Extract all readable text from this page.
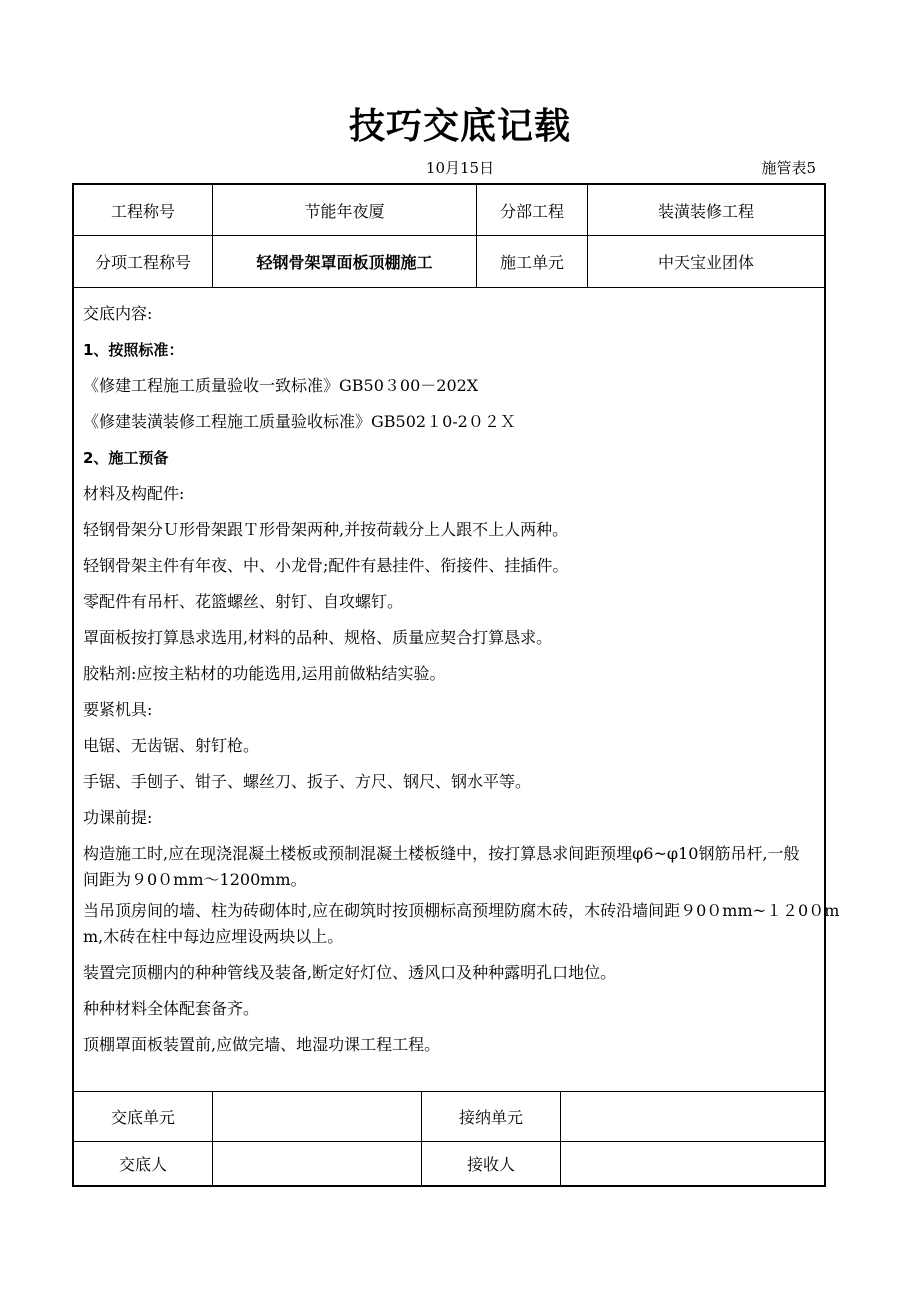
技巧交底记载
10月15日	施管表5
工程称号	节能年夜厦	分部工程	装潢装修工程
分项工程称号	轻钢骨架罩面板顶棚施工	施工单元	中天宝业团体
交底内容:
1、按照标准：
《修建工程施工质量验收一致标准》GB50３00－202X
《修建装潢装修工程施工质量验收标准》GB502１0-2０２Ｘ
2、施工预备
材料及构配件:
轻钢骨架分Ｕ形骨架跟Ｔ形骨架两种,并按荷载分上人跟不上人两种。
轻钢骨架主件有年夜、中、小龙骨;配件有悬挂件、衔接件、挂插件。
零配件有吊杆、花篮螺丝、射钉、自攻螺钉。
罩面板按打算恳求选用,材料的品种、规格、质量应契合打算恳求。
胶粘剂:应按主粘材的功能选用,运用前做粘结实验。
要紧机具:
电锯、无齿锯、射钉枪。
手锯、手刨子、钳子、螺丝刀、扳子、方尺、钢尺、钢水平等。
功课前提:
构造施工时,应在现浇混凝土楼板或预制混凝土楼板缝中，按打算恳求间距预埋φ6~φ10钢筋吊杆,一般
间距为９0０mm～1200mm。
当吊顶房间的墙、柱为砖砌体时,应在砌筑时按顶棚标高预埋防腐木砖，木砖沿墙间距９0０mm~１２0０m
m,木砖在柱中每边应埋设两块以上。
装置完顶棚内的种种管线及装备,断定好灯位、透风口及种种露明孔口地位。
种种材料全体配套备齐。
顶棚罩面板装置前,应做完墙、地湿功课工程工程。
交底单元	接纳单元
交底人	接收人
